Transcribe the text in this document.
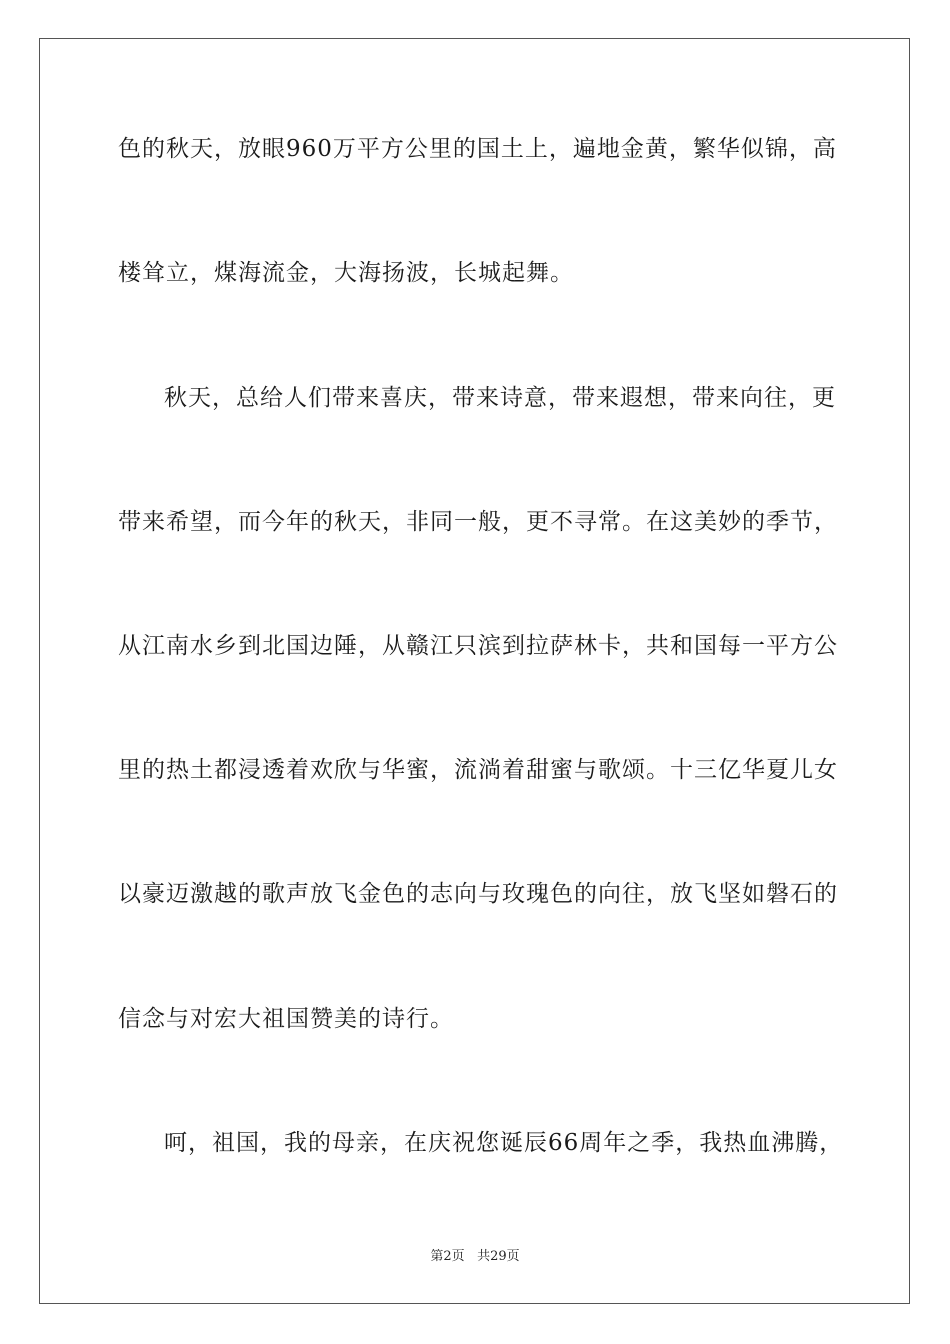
色的秋天，放眼960万平方公里的国土上，遍地金黄，繁华似锦，高
楼耸立，煤海流金，大海扬波，长城起舞。
秋天，总给人们带来喜庆，带来诗意，带来遐想，带来向往，更
带来希望，而今年的秋天，非同一般，更不寻常。在这美妙的季节，
从江南水乡到北国边陲，从赣江只滨到拉萨林卡，共和国每一平方公
里的热土都浸透着欢欣与华蜜，流淌着甜蜜与歌颂。十三亿华夏儿女
以豪迈激越的歌声放飞金色的志向与玫瑰色的向往，放飞坚如磐石的
信念与对宏大祖国赞美的诗行。
呵，祖国，我的母亲，在庆祝您诞辰66周年之季，我热血沸腾，
第2页 共29页
